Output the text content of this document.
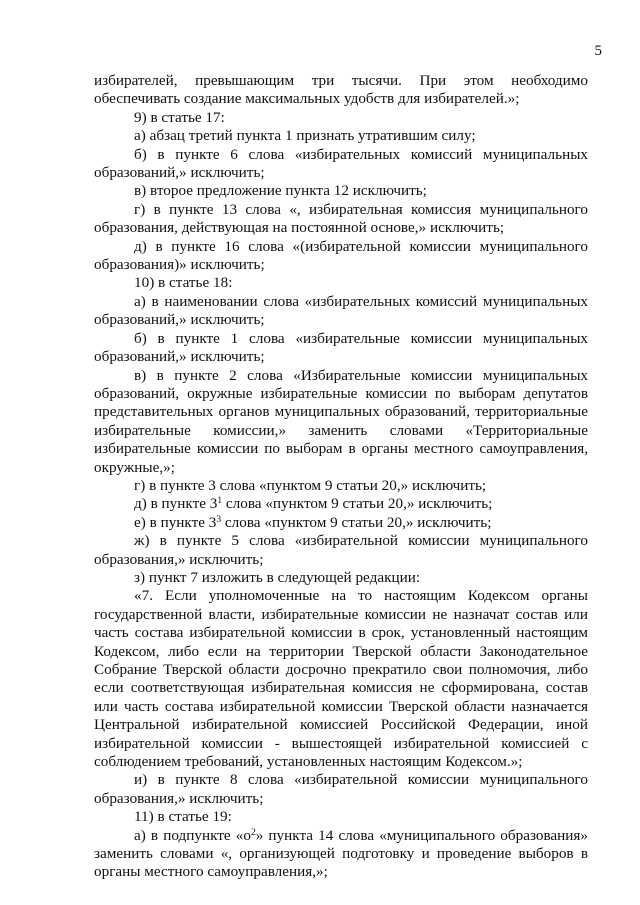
5

избирателей, превышающим три тысячи. При этом необходимо обеспечивать создание максимальных удобств для избирателей.»;

9) в статье 17:

а) абзац третий пункта 1 признать утратившим силу;

б) в пункте 6 слова «избирательных комиссий муниципальных образований,» исключить;

в) второе предложение пункта 12 исключить;

г) в пункте 13 слова «, избирательная комиссия муниципального образования, действующая на постоянной основе,» исключить;

д) в пункте 16 слова «(избирательной комиссии муниципального образования)» исключить;

10) в статье 18:

а) в наименовании слова «избирательных комиссий муниципальных образований,» исключить;

б) в пункте 1 слова «избирательные комиссии муниципальных образований,» исключить;

в) в пункте 2 слова «Избирательные комиссии муниципальных образований, окружные избирательные комиссии по выборам депутатов представительных органов муниципальных образований, территориальные избирательные комиссии,» заменить словами «Территориальные избирательные комиссии по выборам в органы местного самоуправления, окружные,»;

г) в пункте 3 слова «пунктом 9 статьи 20,» исключить;

д) в пункте $3^1$ слова «пунктом 9 статьи 20,» исключить;

е) в пункте $3^3$ слова «пунктом 9 статьи 20,» исключить;

ж) в пункте 5 слова «избирательной комиссии муниципального образования,» исключить;

з) пункт 7 изложить в следующей редакции:

«7. Если уполномоченные на то настоящим Кодексом органы государственной власти, избирательные комиссии не назначат состав или часть состава избирательной комиссии в срок, установленный настоящим Кодексом, либо если на территории Тверской области Законодательное Собрание Тверской области досрочно прекратило свои полномочия, либо если соответствующая избирательная комиссия не сформирована, состав или часть состава избирательной комиссии Тверской области назначается Центральной избирательной комиссией Российской Федерации, иной избирательной комиссии - вышестоящей избирательной комиссией с соблюдением требований, установленных настоящим Кодексом.»;

и) в пункте 8 слова «избирательной комиссии муниципального образования,» исключить;

11) в статье 19:

а) в подпункте «$о^2$» пункта 14 слова «муниципального образования» заменить словами «, организующей подготовку и проведение выборов в органы местного самоуправления,»;
